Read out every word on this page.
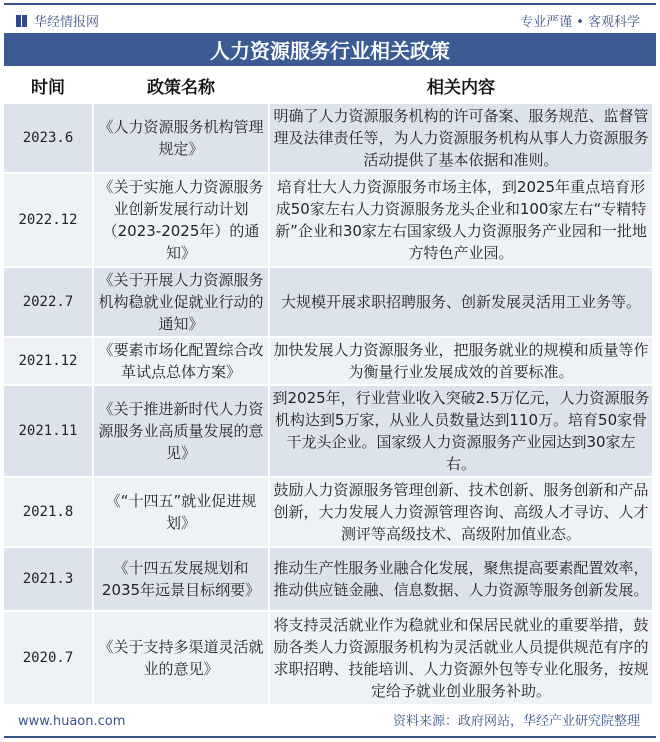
华经情报网	专业严谨 • 客观科学
人力资源服务行业相关政策
时间	政策名称	相关内容
2023.6	《人力资源服务机构管理规定》	明确了人力资源服务机构的许可备案、服务规范、监督管理及法律责任等，为人力资源服务机构从事人力资源服务活动提供了基本依据和准则。
2022.12	《关于实施人力资源服务业创新发展行动计划（2023-2025年）的通知》	培育壮大人力资源服务市场主体，到2025年重点培育形成50家左右人力资源服务龙头企业和100家左右“专精特新”企业和30家左右国家级人力资源服务产业园和一批地方特色产业园。
2022.7	《关于开展人力资源服务机构稳就业促就业行动的通知》	大规模开展求职招聘服务、创新发展灵活用工业务等。
2021.12	《要素市场化配置综合改革试点总体方案》	加快发展人力资源服务业，把服务就业的规模和质量等作为衡量行业发展成效的首要标准。
2021.11	《关于推进新时代人力资源服务业高质量发展的意见》	到2025年，行业营业收入突破2.5万亿元，人力资源服务机构达到5万家，从业人员数量达到110万。培育50家骨干龙头企业。国家级人力资源服务产业园达到30家左右。
2021.8	《“十四五”就业促进规划》	鼓励人力资源服务管理创新、技术创新、服务创新和产品创新，大力发展人力资源管理咨询、高级人才寻访、人才测评等高级技术、高级附加值业态。
2021.3	《十四五发展规划和2035年远景目标纲要》	推动生产性服务业融合化发展，聚焦提高要素配置效率，推动供应链金融、信息数据、人力资源等服务创新发展。
2020.7	《关于支持多渠道灵活就业的意见》	将支持灵活就业作为稳就业和保居民就业的重要举措，鼓励各类人力资源服务机构为灵活就业人员提供规范有序的求职招聘、技能培训、人力资源外包等专业化服务，按规定给予就业创业服务补助。
www.huaon.com	资料来源：政府网站，华经产业研究院整理
